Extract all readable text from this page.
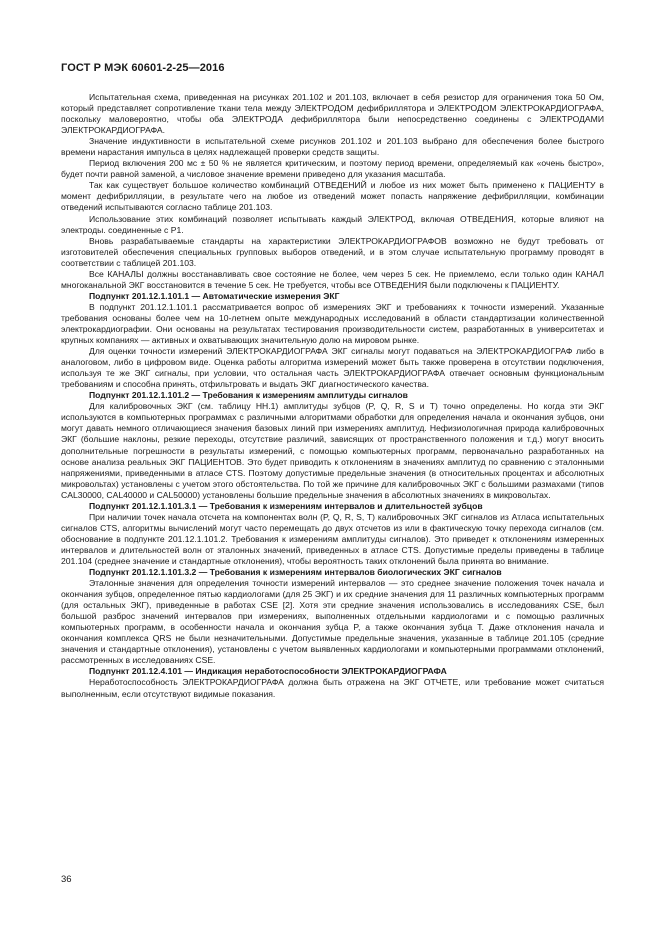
ГОСТ Р МЭК 60601-2-25—2016

Испытательная схема, приведенная на рисунках 201.102 и 201.103, включает в себя резистор для ограничения тока 50 Ом, который представляет сопротивление ткани тела между ЭЛЕКТРОДОМ дефибриллятора и ЭЛЕКТРОДОМ ЭЛЕКТРОКАРДИОГРАФА, поскольку маловероятно, чтобы оба ЭЛЕКТРОДА дефибриллятора были непосредственно соединены с ЭЛЕКТРОДАМИ ЭЛЕКТРОКАРДИОГРАФА.

Значение индуктивности в испытательной схеме рисунков 201.102 и 201.103 выбрано для обеспечения более быстрого времени нарастания импульса в целях надлежащей проверки средств защиты.

Период включения 200 мс ± 50 % не является критическим, и поэтому период времени, определяемый как «очень быстро», будет почти равной заменой, а числовое значение времени приведено для указания масштаба.

Так как существует большое количество комбинаций ОТВЕДЕНИЙ и любое из них может быть применено к ПАЦИЕНТУ в момент дефибрилляции, в результате чего на любое из отведений может попасть напряжение дефибрилляции, комбинации отведений испытываются согласно таблице 201.103.

Использование этих комбинаций позволяет испытывать каждый ЭЛЕКТРОД, включая ОТВЕДЕНИЯ, которые влияют на электроды. соединенные с P1.

Вновь разрабатываемые стандарты на характеристики ЭЛЕКТРОКАРДИОГРАФОВ возможно не будут требовать от изготовителей обеспечения специальных групповых выборов отведений, и в этом случае испытательную программу проводят в соответствии с таблицей 201.103.

Все КАНАЛЫ должны восстанавливать свое состояние не более, чем через 5 сек. Не приемлемо, если только один КАНАЛ многоканальной ЭКГ восстановится в течение 5 сек. Не требуется, чтобы все ОТВЕДЕНИЯ были подключены к ПАЦИЕНТУ.

Подпункт 201.12.1.101.1 — Автоматические измерения ЭКГ

В подпункт 201.12.1.101.1 рассматривается вопрос об измерениях ЭКГ и требованиях к точности измерений. Указанные требования основаны более чем на 10-летнем опыте международных исследований в области стандартизации количественной электрокардиографии. Они основаны на результатах тестирования производительности систем, разработанных в университетах и крупных компаниях — активных и охватывающих значительную долю на мировом рынке.

Для оценки точности измерений ЭЛЕКТРОКАРДИОГРАФА ЭКГ сигналы могут подаваться на ЭЛЕКТРОКАРДИОГРАФ либо в аналоговом, либо в цифровом виде. Оценка работы алгоритма измерений может быть также проверена в отсутствии подключения, используя те же ЭКГ сигналы, при условии, что остальная часть ЭЛЕКТРОКАРДИОГРАФА отвечает основным функциональным требованиям и способна принять, отфильтровать и выдать ЭКГ диагностического качества.

Подпункт 201.12.1.101.2 — Требования к измерениям амплитуды сигналов

Для калибровочных ЭКГ (см. таблицу НН.1) амплитуды зубцов (P, Q, R, S и T) точно определены. Но когда эти ЭКГ используются в компьютерных программах с различными алгоритмами обработки для определения начала и окончания зубцов, они могут давать немного отличающиеся значения базовых линий при измерениях амплитуд. Нефизиологичная природа калибровочных ЭКГ (большие наклоны, резкие переходы, отсутствие различий, зависящих от пространственного положения и т.д.) могут вносить дополнительные погрешности в результаты измерений, с помощью компьютерных программ, первоначально разработанных на основе анализа реальных ЭКГ ПАЦИЕНТОВ. Это будет приводить к отклонениям в значениях амплитуд по сравнению с эталонными напряжениями, приведенными в атласе CTS. Поэтому допустимые предельные значения (в относительных процентах и абсолютных микровольтах) установлены с учетом этого обстоятельства. По той же причине для калибровочных ЭКГ с большими размахами (типов CAL30000, CAL40000 и CAL50000) установлены большие предельные значения в абсолютных значениях в микровольтах.

Подпункт 201.12.1.101.3.1 — Требования к измерениям интервалов и длительностей зубцов

При наличии точек начала отсчета на компонентах волн (P, Q, R, S, T) калибровочных ЭКГ сигналов из Атласа испытательных сигналов CTS, алгоритмы вычислений могут часто перемещать до двух отсчетов из или в фактическую точку перехода сигналов (см. обоснование в подпункте 201.12.1.101.2. Требования к измерениям амплитуды сигналов). Это приведет к отклонениям измеренных интервалов и длительностей волн от эталонных значений, приведенных в атласе CTS. Допустимые пределы приведены в таблице 201.104 (среднее значение и стандартные отклонения), чтобы вероятность таких отклонений была принята во внимание.

Подпункт 201.12.1.101.3.2 — Требования к измерениям интервалов биологических ЭКГ сигналов

Эталонные значения для определения точности измерений интервалов — это среднее значение положения точек начала и окончания зубцов, определенное пятью кардиологами (для 25 ЭКГ) и их средние значения для 11 различных компьютерных программ (для остальных ЭКГ), приведенные в работах CSE [2]. Хотя эти средние значения использовались в исследованиях CSE, был большой разброс значений интервалов при измерениях, выполненных отдельными кардиологами и с помощью различных компьютерных программ, в особенности начала и окончания зубца P, а также окончания зубца T. Даже отклонения начала и окончания комплекса QRS не были незначительными. Допустимые предельные значения, указанные в таблице 201.105 (средние значения и стандартные отклонения), установлены с учетом выявленных кардиологами и компьютерными программами отклонений, рассмотренных в исследованиях CSE.

Подпункт 201.12.4.101 — Индикация неработоспособности ЭЛЕКТРОКАРДИОГРАФА

Неработоспособность ЭЛЕКТРОКАРДИОГРАФА должна быть отражена на ЭКГ ОТЧЕТЕ, или требование может считаться выполненным, если отсутствуют видимые показания.

36
